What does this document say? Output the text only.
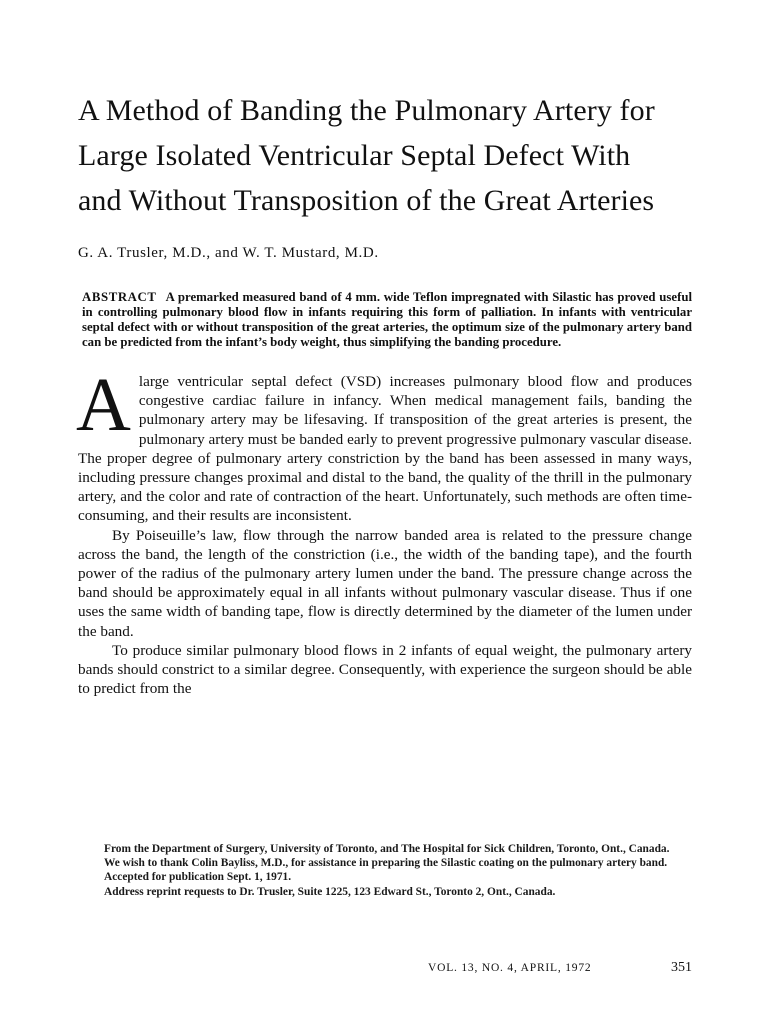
A Method of Banding the Pulmonary Artery for Large Isolated Ventricular Septal Defect With and Without Transposition of the Great Arteries
G. A. Trusler, M.D., and W. T. Mustard, M.D.
ABSTRACT A premarked measured band of 4 mm. wide Teflon impregnated with Silastic has proved useful in controlling pulmonary blood flow in infants requiring this form of palliation. In infants with ventricular septal defect with or without transposition of the great arteries, the optimum size of the pulmonary artery band can be predicted from the infant’s body weight, thus simplifying the banding procedure.

Alarge ventricular septal defect (VSD) increases pulmonary blood flow and produces congestive cardiac failure in infancy. When medical management fails, banding the pulmonary artery may be lifesaving. If transposition of the great arteries is present, the pulmonary artery must be banded early to prevent progressive pulmonary vascular disease. The proper degree of pulmonary artery constriction by the band has been assessed in many ways, including pressure changes proximal and distal to the band, the quality of the thrill in the pulmonary artery, and the color and rate of contraction of the heart. Unfortunately, such methods are often timeconsuming, and their results are inconsistent.

By Poiseuille’s law, flow through the narrow banded area is related to the pressure change across the band, the length of the constriction (i.e., the width of the banding tape), and the fourth power of the radius of the pulmonary artery lumen under the band. The pressure change across the band should be approximately equal in all infants without pulmonary vascular disease. Thus if one uses the same width of banding tape, flow is directly determined by the diameter of the lumen under the band.

To produce similar pulmonary blood flows in 2 infants of equal weight, the pulmonary artery bands should constrict to a similar degree. Consequently, with experience the surgeon should be able to predict from the

From the Department of Surgery, University of Toronto, and The Hospital for Sick Children, Toronto, Ont., Canada.

We wish to thank Colin Bayliss, M.D., for assistance in preparing the Silastic coating on the pulmonary artery band.

Accepted for publication Sept. 1, 1971.

Address reprint requests to Dr. Trusler, Suite 1225, 123 Edward St., Toronto 2, Ont., Canada.

VOL. 13, NO. 4, APRIL, 1972	351
